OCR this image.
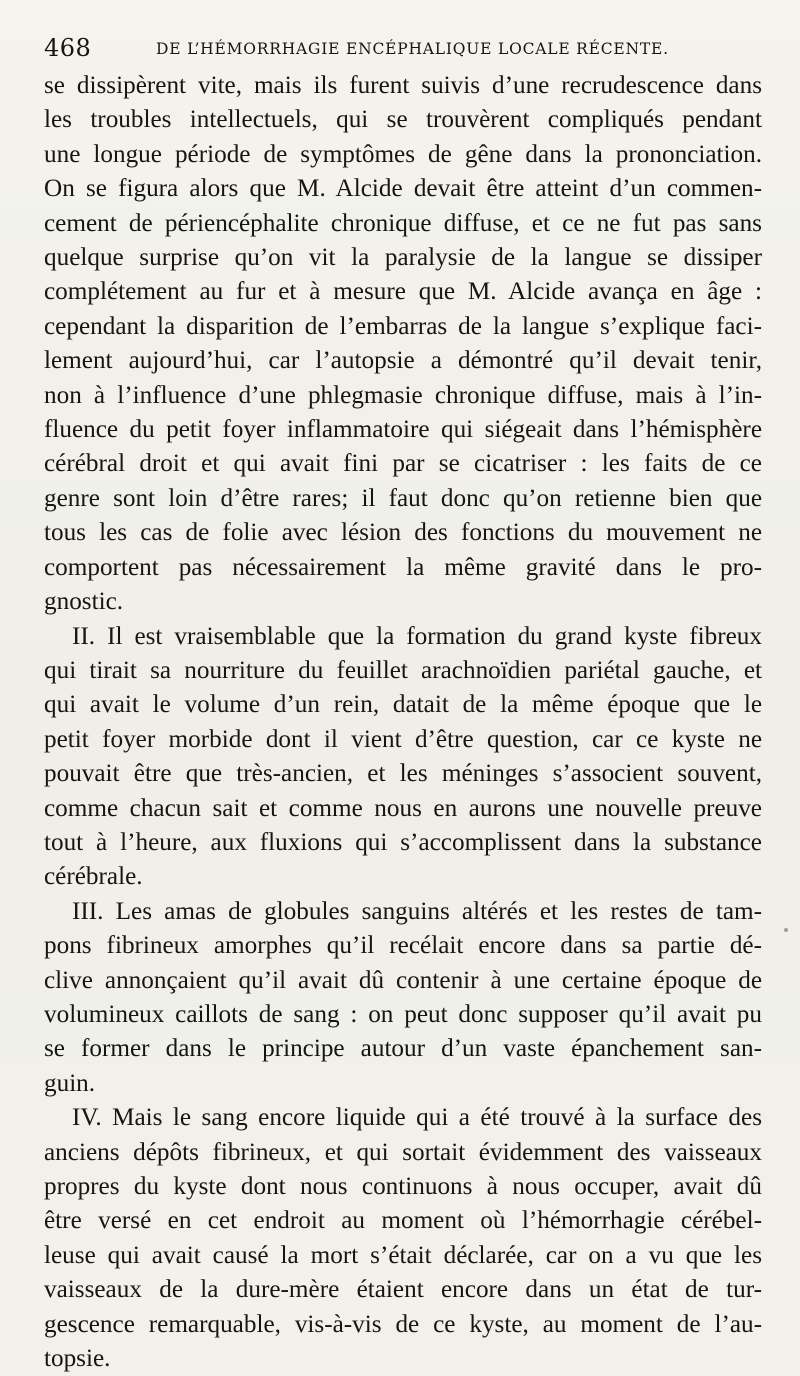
468	DE L’HÉMORRHAGIE ENCÉPHALIQUE LOCALE RÉCENTE.
se dissipèrent vite, mais ils furent suivis d’une recrudescence dans
les troubles intellectuels, qui se trouvèrent compliqués pendant
une longue période de symptômes de gêne dans la prononciation.
On se figura alors que M. Alcide devait être atteint d’un commen-
cement de périencéphalite chronique diffuse, et ce ne fut pas sans
quelque surprise qu’on vit la paralysie de la langue se dissiper
complétement au fur et à mesure que M. Alcide avança en âge :
cependant la disparition de l’embarras de la langue s’explique faci-
lement aujourd’hui, car l’autopsie a démontré qu’il devait tenir,
non à l’influence d’une phlegmasie chronique diffuse, mais à l’in-
fluence du petit foyer inflammatoire qui siégeait dans l’hémisphère
cérébral droit et qui avait fini par se cicatriser : les faits de ce
genre sont loin d’être rares; il faut donc qu’on retienne bien que
tous les cas de folie avec lésion des fonctions du mouvement ne
comportent pas nécessairement la même gravité dans le pro-
gnostic.
II. Il est vraisemblable que la formation du grand kyste fibreux
qui tirait sa nourriture du feuillet arachnoïdien pariétal gauche, et
qui avait le volume d’un rein, datait de la même époque que le
petit foyer morbide dont il vient d’être question, car ce kyste ne
pouvait être que très-ancien, et les méninges s’associent souvent,
comme chacun sait et comme nous en aurons une nouvelle preuve
tout à l’heure, aux fluxions qui s’accomplissent dans la substance
cérébrale.
III. Les amas de globules sanguins altérés et les restes de tam-
pons fibrineux amorphes qu’il recélait encore dans sa partie dé-
clive annonçaient qu’il avait dû contenir à une certaine époque de
volumineux caillots de sang : on peut donc supposer qu’il avait pu
se former dans le principe autour d’un vaste épanchement san-
guin.
IV. Mais le sang encore liquide qui a été trouvé à la surface des
anciens dépôts fibrineux, et qui sortait évidemment des vaisseaux
propres du kyste dont nous continuons à nous occuper, avait dû
être versé en cet endroit au moment où l’hémorrhagie cérébel-
leuse qui avait causé la mort s’était déclarée, car on a vu que les
vaisseaux de la dure-mère étaient encore dans un état de tur-
gescence remarquable, vis-à-vis de ce kyste, au moment de l’au-
topsie.
